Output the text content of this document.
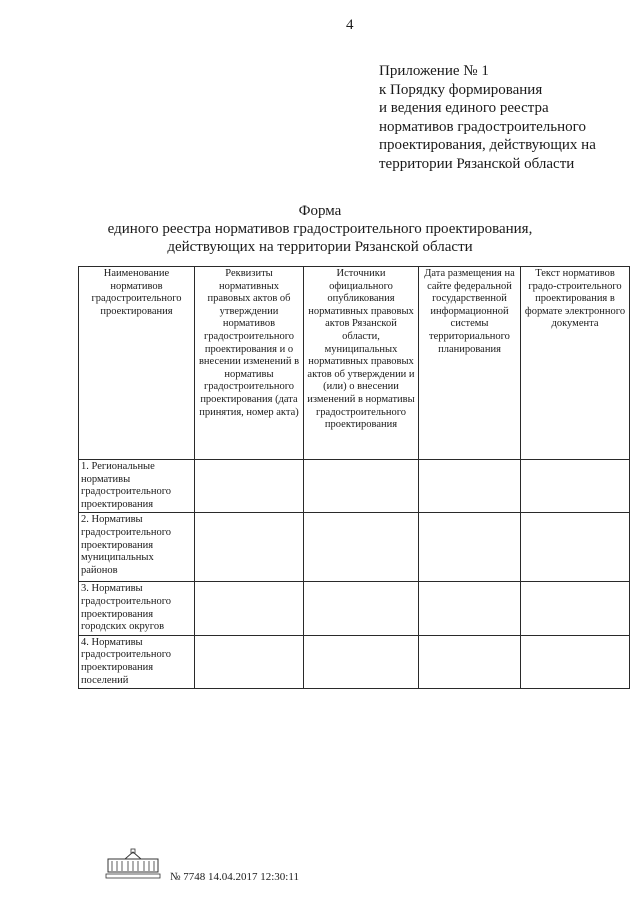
4
Приложение № 1
к Порядку формирования
и ведения единого реестра
нормативов градостроительного
проектирования, действующих на
территории Рязанской области
Форма
единого реестра нормативов градостроительного проектирования,
действующих на территории Рязанской области
Наименование нормативов градостроительного проектирования	Реквизиты нормативных правовых актов об утверждении нормативов градостроительного проектирования и о внесении изменений в нормативы градостроительного проектирования (дата принятия, номер акта)	Источники официального опубликования нормативных правовых актов Рязанской области, муниципальных нормативных правовых актов об утверждении и (или) о внесении изменений в нормативы градостроительного проектирования	Дата размещения на сайте федеральной государственной информационной системы территориального планирования	Текст нормативов градо-строительного проектирования в формате электронного документа
1. Региональные нормативы градостроительного проектирования				
2. Нормативы градостроительного проектирования муниципальных районов				
3. Нормативы градостроительного проектирования городских округов				
4. Нормативы градостроительного проектирования поселений				
№ 7748 14.04.2017 12:30:11
